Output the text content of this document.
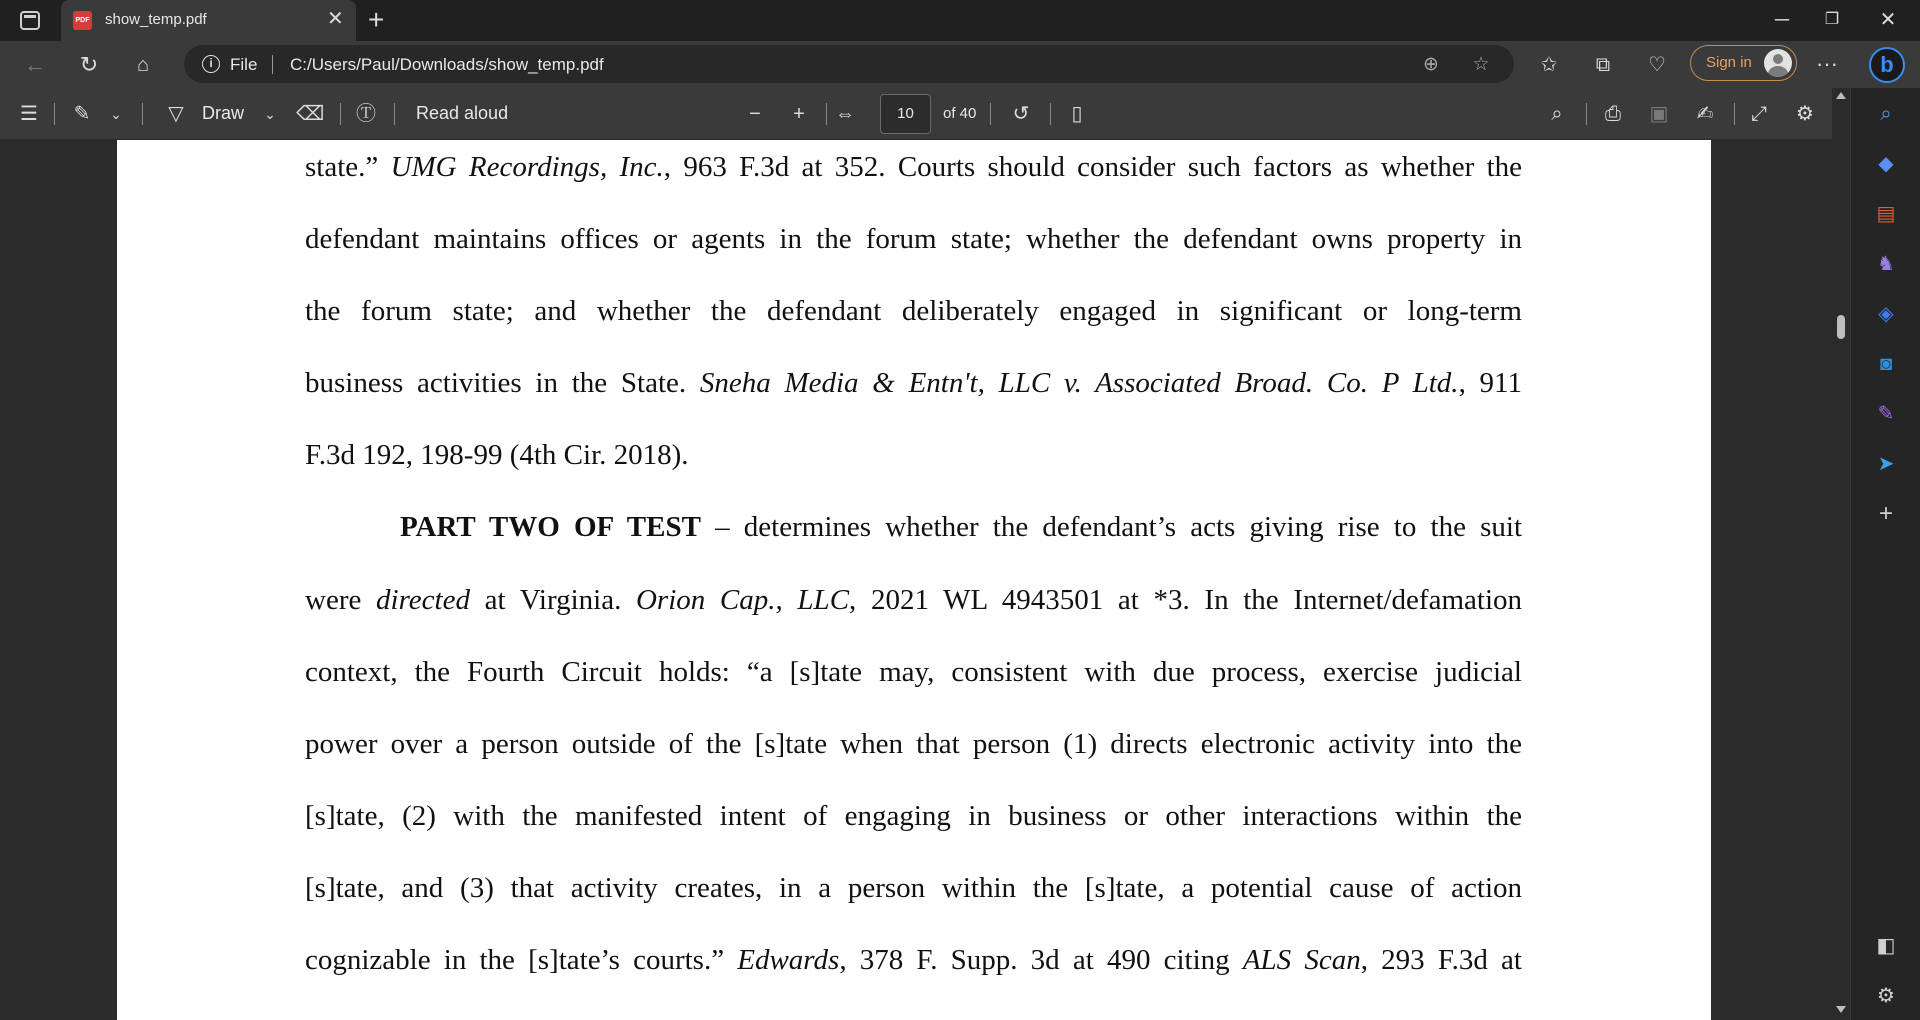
PDF show_temp.pdf	✕ +	─	❐	✕
← ↻	⌂	i	File C:/Users/Paul/Downloads/show_temp.pdf	⊕ ☆	✩	⧉	♡	Sign in	···	b
☰	✎	⌄	▽	Draw	⌄	⌫ Ⓣ Read aloud	−	+	⇔	10	of 40	↺	▯	⌕	⎙	▣	✍	⤢	⚙
state.” UMG Recordings, Inc., 963 F.3d at 352. Courts should consider such factors as whether the
defendant maintains offices or agents in the forum state; whether the defendant owns property in
the forum state; and whether the defendant deliberately engaged in significant or long-term
business activities in the State. Sneha Media & Entn't, LLC v. Associated Broad. Co. P Ltd., 911
F.3d 192, 198-99 (4th Cir. 2018).
PART TWO OF TEST – determines whether the defendant’s acts giving rise to the suit
were directed at Virginia. Orion Cap., LLC, 2021 WL 4943501 at *3. In the Internet/defamation
context, the Fourth Circuit holds: “a [s]tate may, consistent with due process, exercise judicial
power over a person outside of the [s]tate when that person (1) directs electronic activity into the
[s]tate, (2) with the manifested intent of engaging in business or other interactions within the
[s]tate, and (3) that activity creates, in a person within the [s]tate, a potential cause of action
cognizable in the [s]tate’s courts.” Edwards, 378 F. Supp. 3d at 490 citing ALS Scan, 293 F.3d at
⌕
◆
▤
♞
◈
◙
✎
➤
+
◧
⚙
